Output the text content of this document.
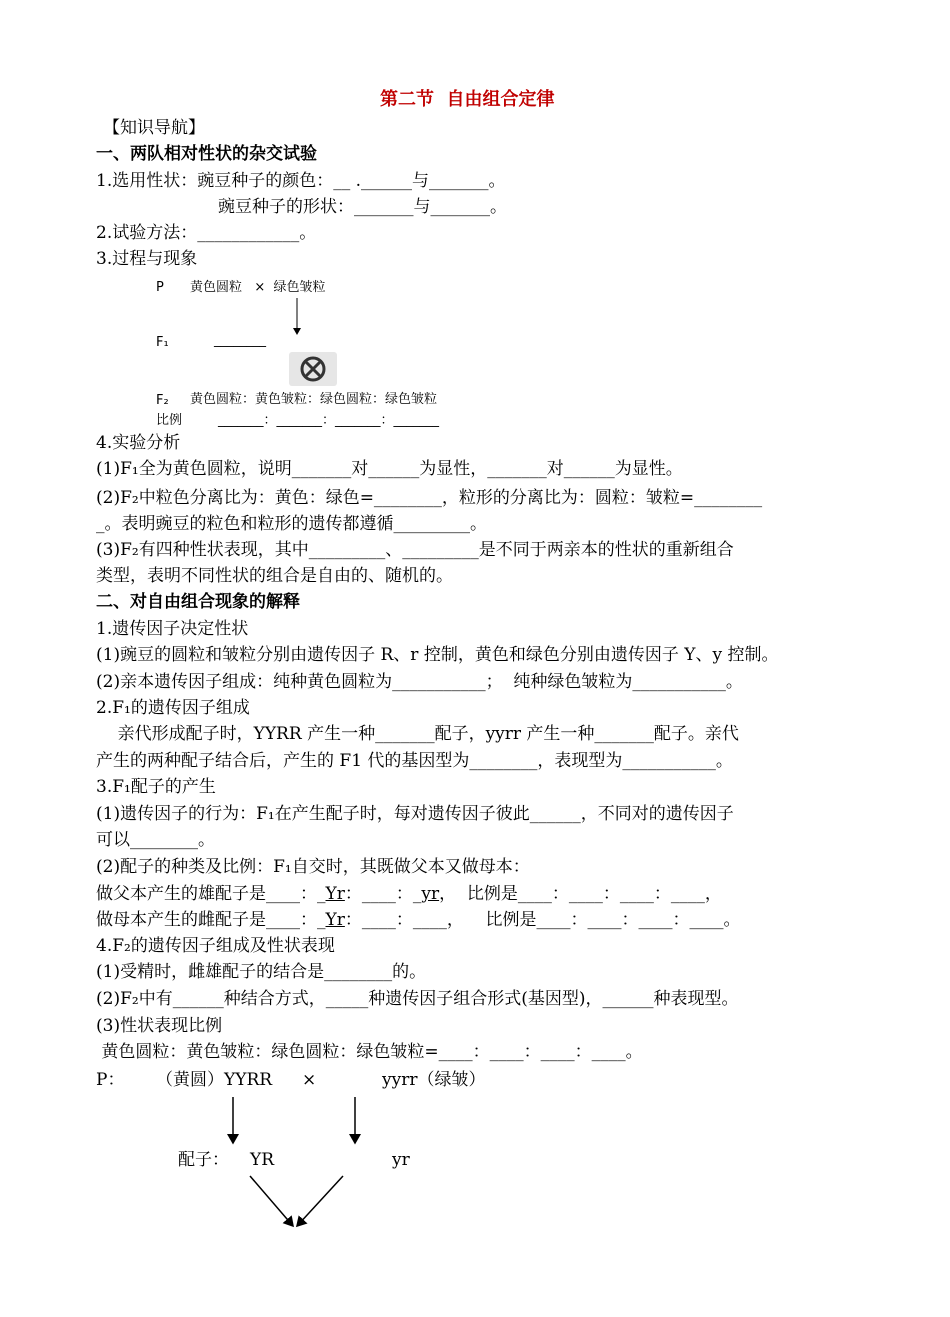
第二节  自由组合定律
【知识导航】
一、两队相对性状的杂交试验
1.选用性状：豌豆种子的颜色：__ .______与_______。
豌豆种子的形状：_______与_______。
2.试验方法：____________。
3.过程与现象
P 黄色圆粒   ×  绿色皱粒
F₁	________
F₂ 黄色圆粒：黄色皱粒：绿色圆粒：绿色皱粒
比例	_______：_______：_______：_______
4.实验分析
(1)F₁全为黄色圆粒，说明_______对______为显性，_______对______为显性。
(2)F₂中粒色分离比为：黄色：绿色=________，粒形的分离比为：圆粒：皱粒=________
_。表明豌豆的粒色和粒形的遗传都遵循_________。
(3)F₂有四种性状表现，其中_________、_________是不同于两亲本的性状的重新组合
类型，表明不同性状的组合是自由的、随机的。
二、对自由组合现象的解释
1.遗传因子决定性状
(1)豌豆的圆粒和皱粒分别由遗传因子 R、r 控制，黄色和绿色分别由遗传因子 Y、y 控制。
(2)亲本遗传因子组成：纯种黄色圆粒为___________；  纯种绿色皱粒为___________。
2.F₁的遗传因子组成
亲代形成配子时，YYRR 产生一种_______配子，yyrr 产生一种_______配子。亲代
产生的两种配子结合后，产生的 F1 代的基因型为________，表现型为___________。
3.F₁配子的产生
(1)遗传因子的行为：F₁在产生配子时，每对遗传因子彼此______，不同对的遗传因子
可以________。
(2)配子的种类及比例：F₁自交时，其既做父本又做母本：
做父本产生的雄配子是____：_Yr：____：_yr，  比例是____：____：____：____，
做母本产生的雌配子是____：_Yr：____：____，    比例是____：____：____：____。
4.F₂的遗传因子组成及性状表现
(1)受精时，雌雄配子的结合是________的。
(2)F₂中有______种结合方式，_____种遗传因子组合形式(基因型)，______种表现型。
(3)性状表现比例
黄色圆粒：黄色皱粒：绿色圆粒：绿色皱粒=____：____：____：____。
P： （黄圆）YYRR ×	yyrr（绿皱）
配子： YR	yr
